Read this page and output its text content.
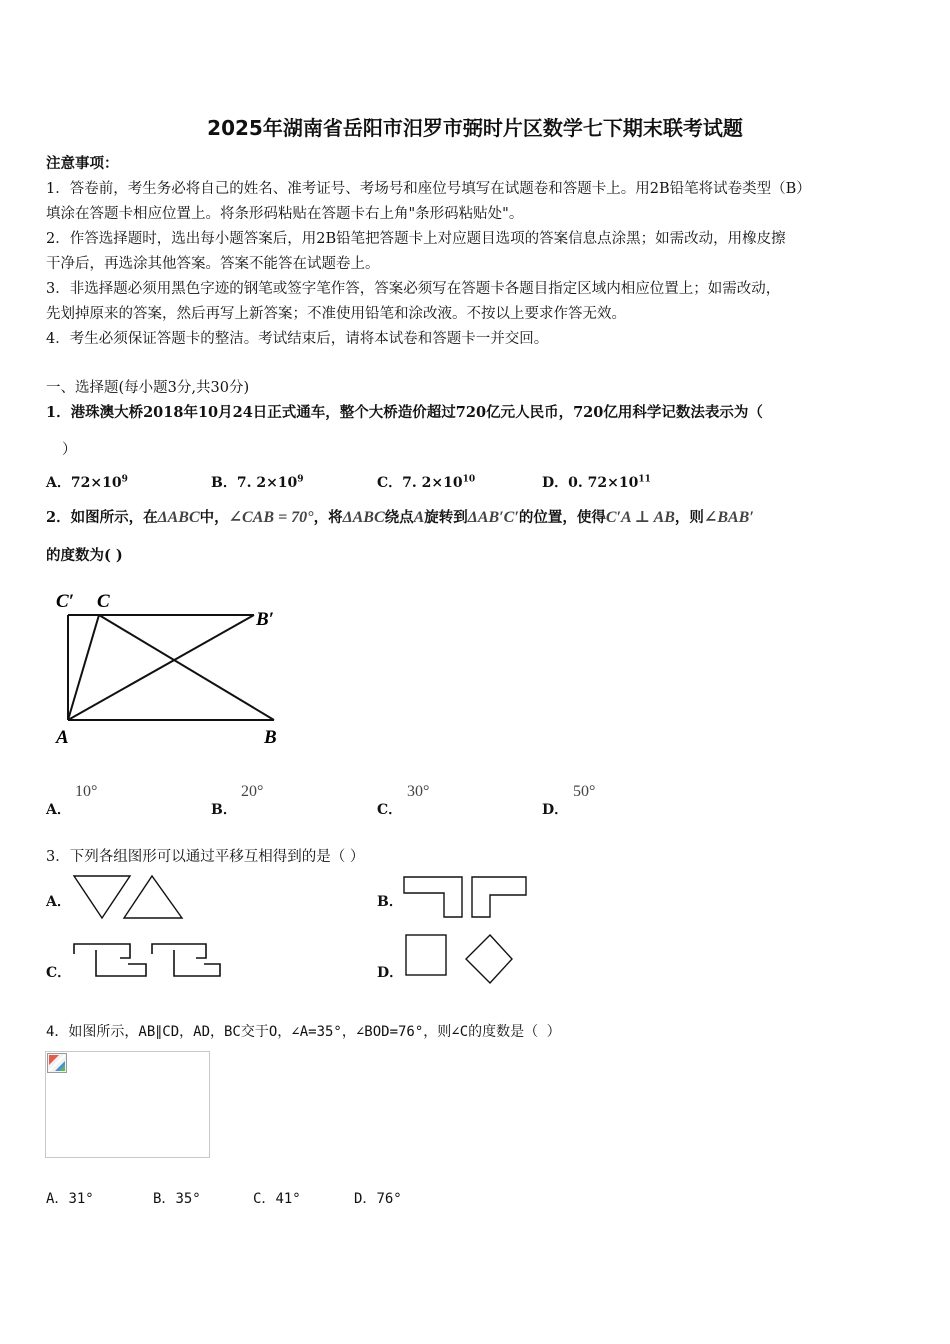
2025年湖南省岳阳市汨罗市弼时片区数学七下期末联考试题
注意事项：
1．答卷前，考生务必将自己的姓名、准考证号、考场号和座位号填写在试题卷和答题卡上。用2B铅笔将试卷类型（B）
填涂在答题卡相应位置上。将条形码粘贴在答题卡右上角"条形码粘贴处"。
2．作答选择题时，选出每小题答案后，用2B铅笔把答题卡上对应题目选项的答案信息点涂黑；如需改动，用橡皮擦
干净后，再选涂其他答案。答案不能答在试题卷上。
3．非选择题必须用黑色字迹的钢笔或签字笔作答，答案必须写在答题卡各题目指定区域内相应位置上；如需改动，
先划掉原来的答案，然后再写上新答案；不准使用铅笔和涂改液。不按以上要求作答无效。
4．考生必须保证答题卡的整洁。考试结束后，请将本试卷和答题卡一并交回。
一、选择题(每小题3分,共30分)
1．港珠澳大桥2018年10月24日正式通车，整个大桥造价超过720亿元人民币，720亿用科学记数法表示为（
）
A．$72\times 10^9$	B．7. $2\times 10^9$	C．7. $2\times 10^{10}$	D．0. $72\times 10^{11}$
2．如图所示，在ΔABC中，∠CAB = 70°，将ΔABC绕点A旋转到ΔAB′C′的位置，使得C′A ⊥ AB，则∠BAB′
的度数为( )
C′ C
B′
A	B
A．
10°
B．
20°
C．
30°
D．
50°
3．下列各组图形可以通过平移互相得到的是（ ）
A．	B．
C．	D．
4．如图所示，AB∥CD，AD，BC交于O，∠A=35°，∠BOD=76°，则∠C的度数是（ ）
A．31°	B．35°	C．41°	D．76°
